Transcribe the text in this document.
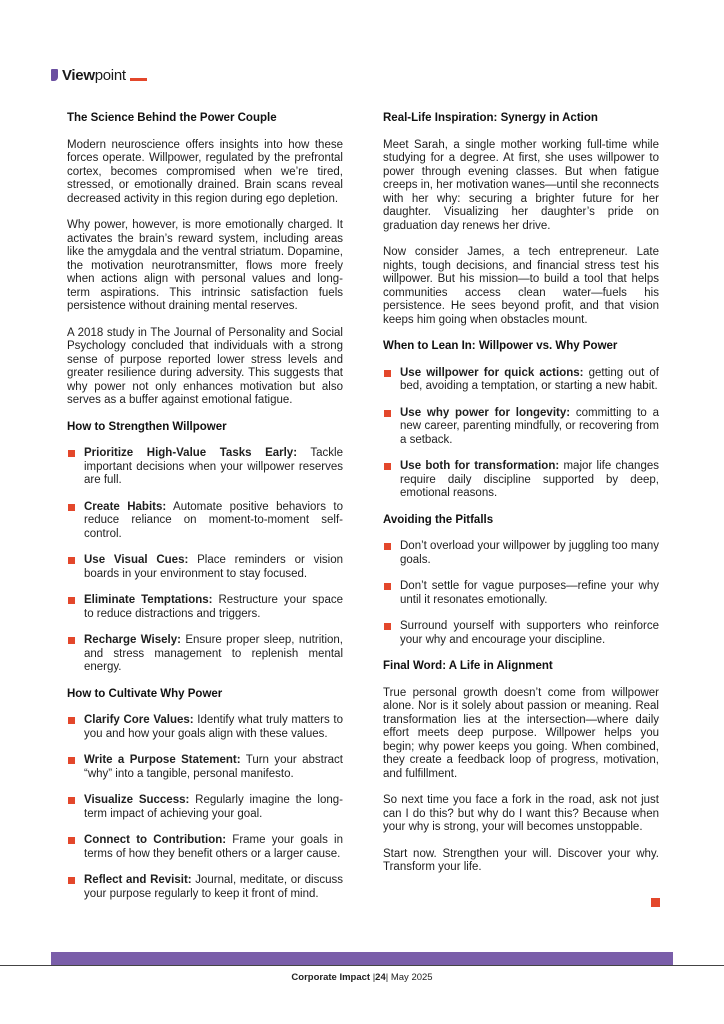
Viewpoint
The Science Behind the Power Couple

Modern neuroscience offers insights into how these forces operate. Willpower, regulated by the prefrontal cortex, becomes compromised when we’re tired, stressed, or emotionally drained. Brain scans reveal decreased activity in this region during ego depletion.

Why power, however, is more emotionally charged. It activates the brain’s reward system, including areas like the amygdala and the ventral striatum. Dopamine, the motivation neurotransmitter, flows more freely when actions align with personal values and long-term aspirations. This intrinsic satisfaction fuels persistence without draining mental reserves.

A 2018 study in The Journal of Personality and Social Psychology concluded that individuals with a strong sense of purpose reported lower stress levels and greater resilience during adversity. This suggests that why power not only enhances motivation but also serves as a buffer against emotional fatigue.

How to Strengthen Willpower
Prioritize High-Value Tasks Early: Tackle important decisions when your willpower reserves are full.
Create Habits: Automate positive behaviors to reduce reliance on moment-to-moment self-control.
Use Visual Cues: Place reminders or vision boards in your environment to stay focused.
Eliminate Temptations: Restructure your space to reduce distractions and triggers.
Recharge Wisely: Ensure proper sleep, nutrition, and stress management to replenish mental energy.
How to Cultivate Why Power
Clarify Core Values: Identify what truly matters to you and how your goals align with these values.
Write a Purpose Statement: Turn your abstract “why” into a tangible, personal manifesto.
Visualize Success: Regularly imagine the long-term impact of achieving your goal.
Connect to Contribution: Frame your goals in terms of how they benefit others or a larger cause.
Reflect and Revisit: Journal, meditate, or discuss your purpose regularly to keep it front of mind.
Real-Life Inspiration: Synergy in Action

Meet Sarah, a single mother working full-time while studying for a degree. At first, she uses willpower to power through evening classes. But when fatigue creeps in, her motivation wanes—until she reconnects with her why: securing a brighter future for her daughter. Visualizing her daughter’s pride on graduation day renews her drive.

Now consider James, a tech entrepreneur. Late nights, tough decisions, and financial stress test his willpower. But his mission—to build a tool that helps communities access clean water—fuels his persistence. He sees beyond profit, and that vision keeps him going when obstacles mount.

When to Lean In: Willpower vs. Why Power
Use willpower for quick actions: getting out of bed, avoiding a temptation, or starting a new habit.
Use why power for longevity: committing to a new career, parenting mindfully, or recovering from a setback.
Use both for transformation: major life changes require daily discipline supported by deep, emotional reasons.
Avoiding the Pitfalls
Don’t overload your willpower by juggling too many goals.
Don’t settle for vague purposes—refine your why until it resonates emotionally.
Surround yourself with supporters who reinforce your why and encourage your discipline.
Final Word: A Life in Alignment

True personal growth doesn’t come from willpower alone. Nor is it solely about passion or meaning. Real transformation lies at the intersection—where daily effort meets deep purpose. Willpower helps you begin; why power keeps you going. When combined, they create a feedback loop of progress, motivation, and fulfillment.

So next time you face a fork in the road, ask not just can I do this? but why do I want this? Because when your why is strong, your will becomes unstoppable.

Start now. Strengthen your will. Discover your why. Transform your life.

Corporate Impact |24| May 2025
